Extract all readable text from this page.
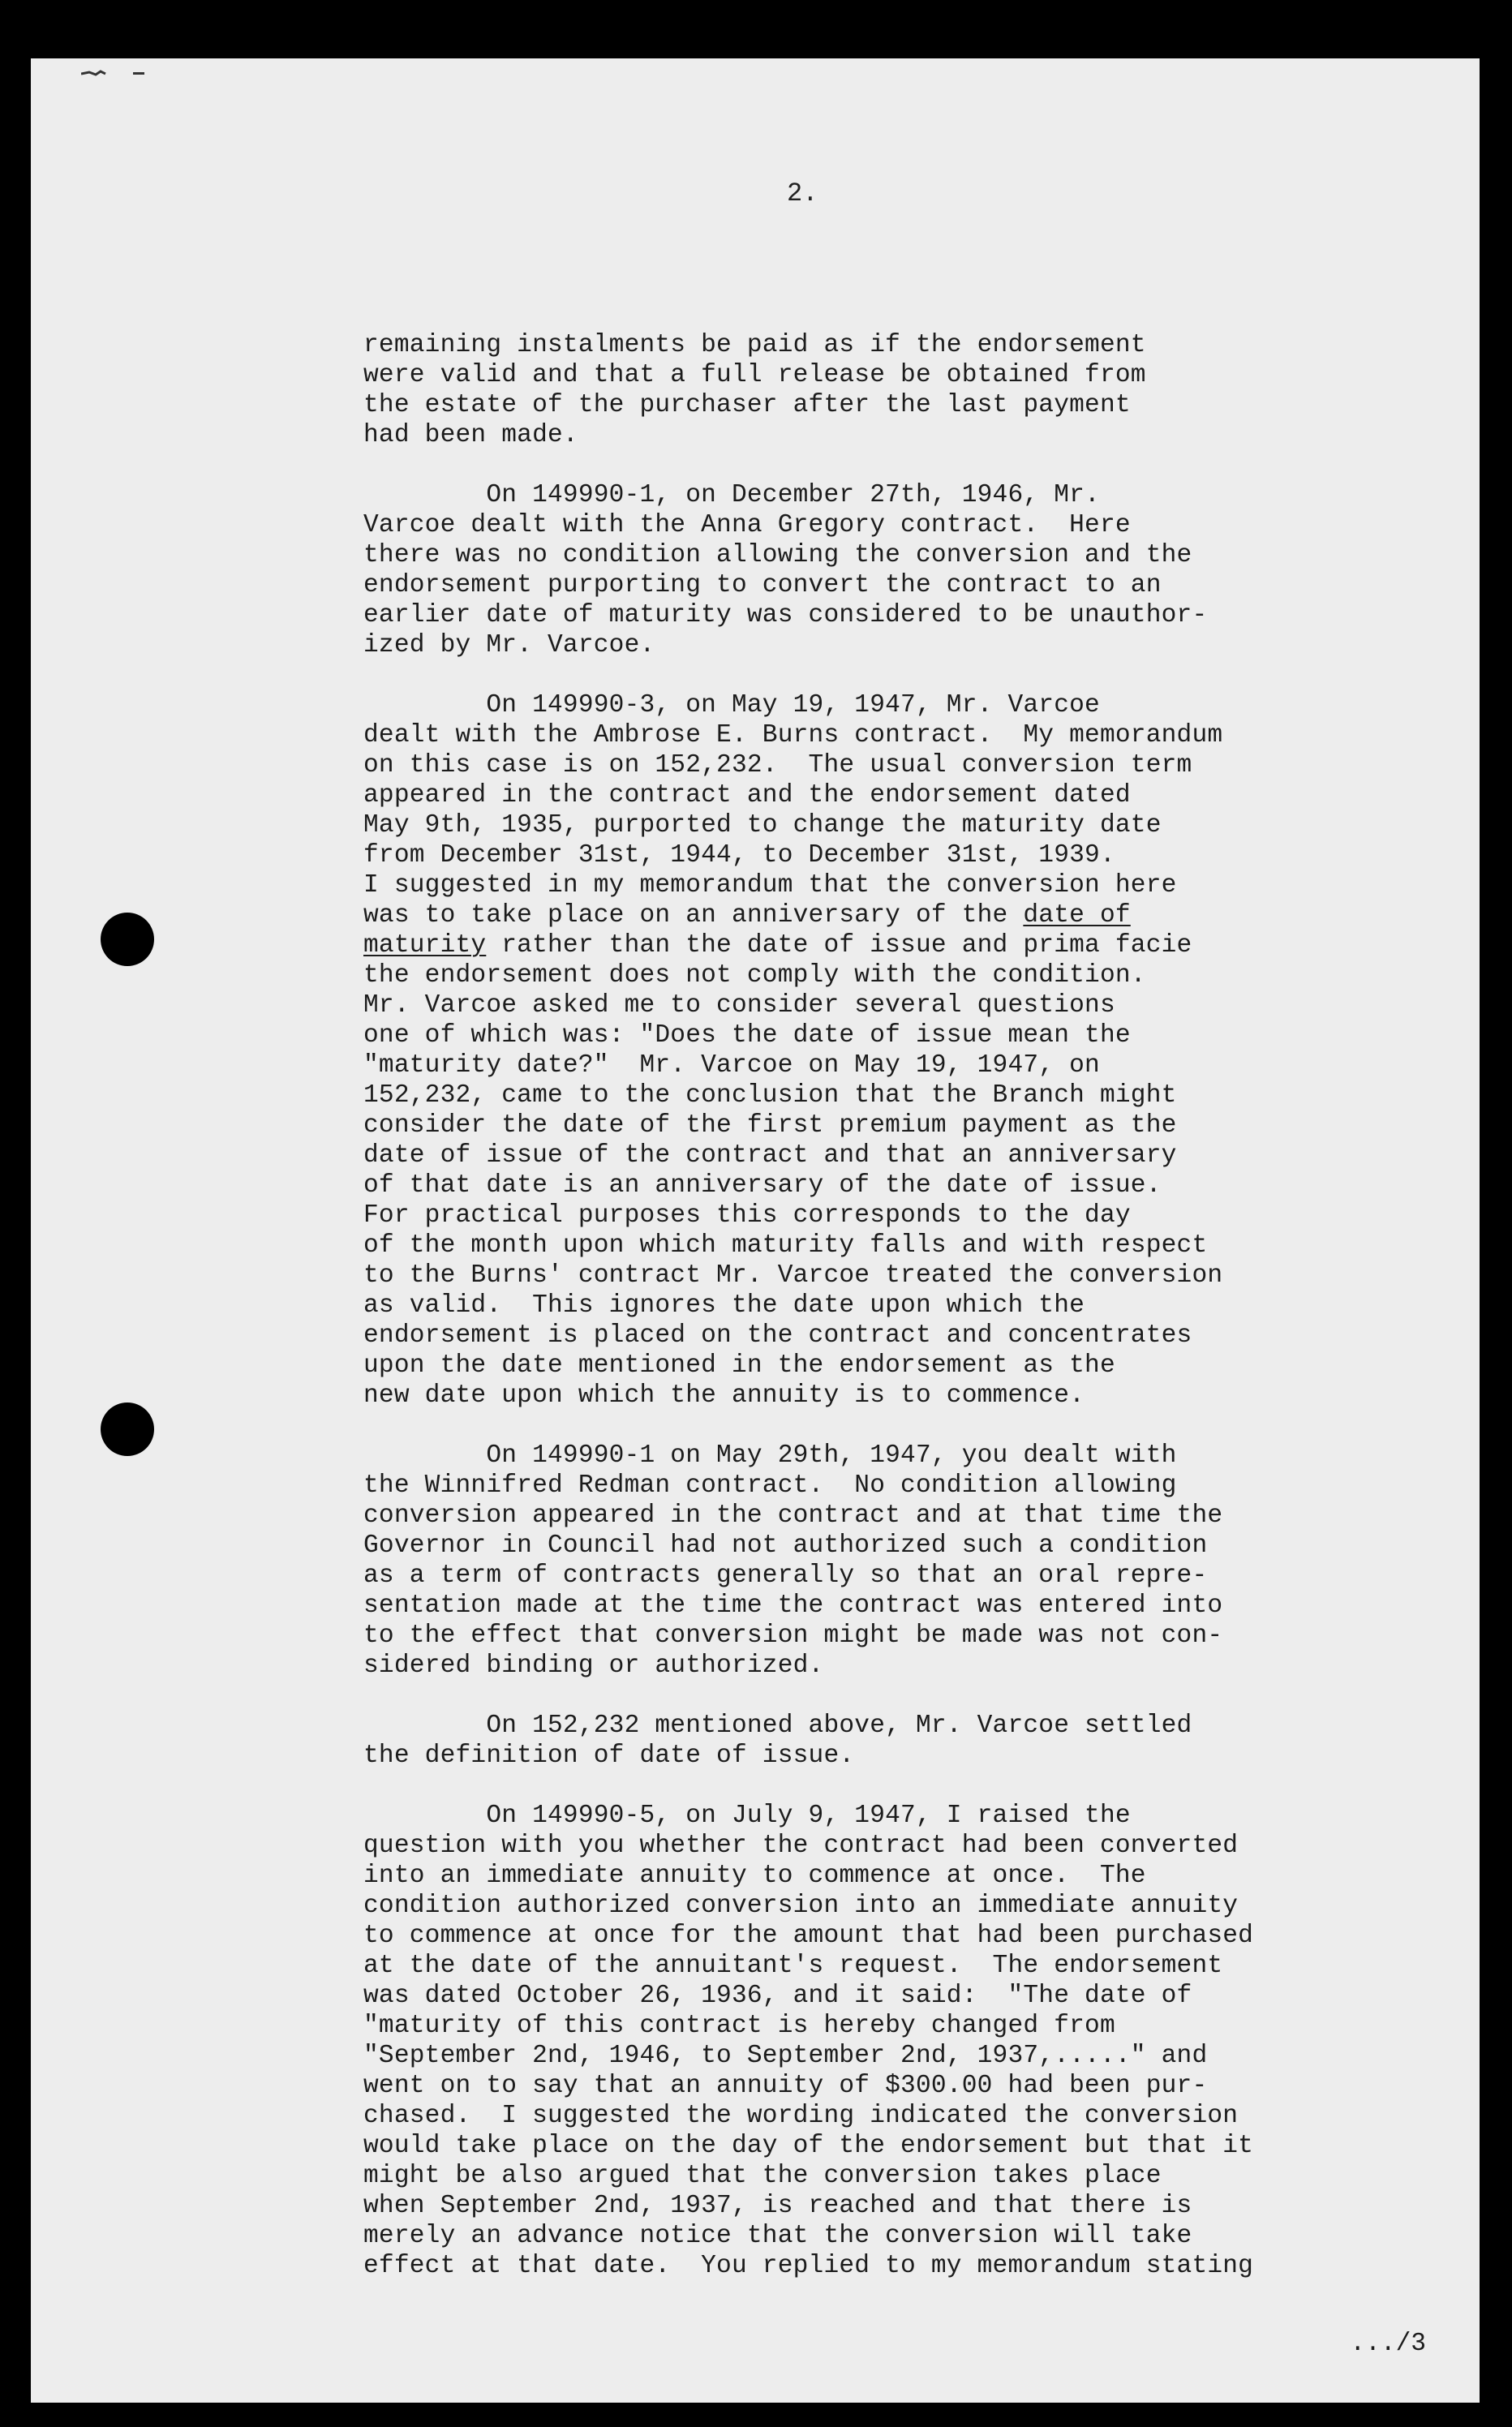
2.
remaining instalments be paid as if the endorsement
were valid and that a full release be obtained from
the estate of the purchaser after the last payment
had been made.
On 149990-1, on December 27th, 1946, Mr.
Varcoe dealt with the Anna Gregory contract.  Here
there was no condition allowing the conversion and the
endorsement purporting to convert the contract to an
earlier date of maturity was considered to be unauthor-
ized by Mr. Varcoe.
On 149990-3, on May 19, 1947, Mr. Varcoe
dealt with the Ambrose E. Burns contract.  My memorandum
on this case is on 152,232.  The usual conversion term
appeared in the contract and the endorsement dated
May 9th, 1935, purported to change the maturity date
from December 31st, 1944, to December 31st, 1939.
I suggested in my memorandum that the conversion here
was to take place on an anniversary of the date of
maturity rather than the date of issue and prima facie
the endorsement does not comply with the condition.
Mr. Varcoe asked me to consider several questions
one of which was: "Does the date of issue mean the
"maturity date?"  Mr. Varcoe on May 19, 1947, on
152,232, came to the conclusion that the Branch might
consider the date of the first premium payment as the
date of issue of the contract and that an anniversary
of that date is an anniversary of the date of issue.
For practical purposes this corresponds to the day
of the month upon which maturity falls and with respect
to the Burns' contract Mr. Varcoe treated the conversion
as valid.  This ignores the date upon which the
endorsement is placed on the contract and concentrates
upon the date mentioned in the endorsement as the
new date upon which the annuity is to commence.
On 149990-1 on May 29th, 1947, you dealt with
the Winnifred Redman contract.  No condition allowing
conversion appeared in the contract and at that time the
Governor in Council had not authorized such a condition
as a term of contracts generally so that an oral repre-
sentation made at the time the contract was entered into
to the effect that conversion might be made was not con-
sidered binding or authorized.
On 152,232 mentioned above, Mr. Varcoe settled
the definition of date of issue.
On 149990-5, on July 9, 1947, I raised the
question with you whether the contract had been converted
into an immediate annuity to commence at once.  The
condition authorized conversion into an immediate annuity
to commence at once for the amount that had been purchased
at the date of the annuitant's request.  The endorsement
was dated October 26, 1936, and it said:  "The date of
"maturity of this contract is hereby changed from
"September 2nd, 1946, to September 2nd, 1937,....." and
went on to say that an annuity of $300.00 had been pur-
chased.  I suggested the wording indicated the conversion
would take place on the day of the endorsement but that it
might be also argued that the conversion takes place
when September 2nd, 1937, is reached and that there is
merely an advance notice that the conversion will take
effect at that date.  You replied to my memorandum stating
.../3
